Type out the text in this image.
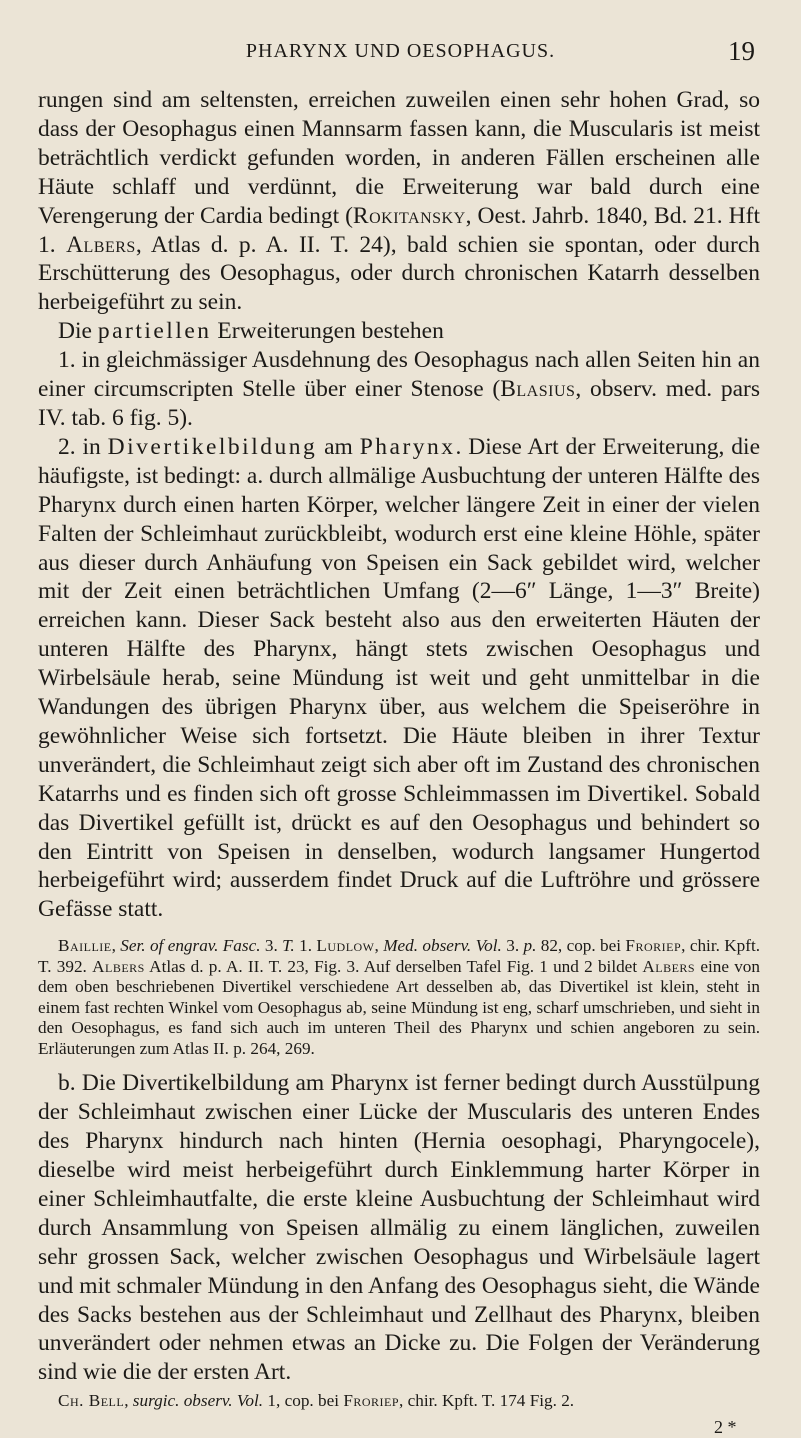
PHARYNX UND OESOPHAGUS.	19

rungen sind am seltensten, erreichen zuweilen einen sehr hohen Grad, so dass der Oesophagus einen Mannsarm fassen kann, die Muscularis ist meist beträchtlich verdickt gefunden worden, in anderen Fällen erscheinen alle Häute schlaff und verdünnt, die Erweiterung war bald durch eine Verengerung der Cardia bedingt (Rokitansky, Oest. Jahrb. 1840, Bd. 21. Hft 1. Albers, Atlas d. p. A. II. T. 24), bald schien sie spontan, oder durch Erschütterung des Oesophagus, oder durch chronischen Katarrh desselben herbeigeführt zu sein.

Die partiellen Erweiterungen bestehen

1. in gleichmässiger Ausdehnung des Oesophagus nach allen Seiten hin an einer circumscripten Stelle über einer Stenose (Blasius, observ. med. pars IV. tab. 6 fig. 5).

2. in Divertikelbildung am Pharynx. Diese Art der Erweiterung, die häufigste, ist bedingt: a. durch allmälige Ausbuchtung der unteren Hälfte des Pharynx durch einen harten Körper, welcher längere Zeit in einer der vielen Falten der Schleimhaut zurückbleibt, wodurch erst eine kleine Höhle, später aus dieser durch Anhäufung von Speisen ein Sack gebildet wird, welcher mit der Zeit einen beträchtlichen Umfang (2—6″ Länge, 1—3″ Breite) erreichen kann. Dieser Sack besteht also aus den erweiterten Häuten der unteren Hälfte des Pharynx, hängt stets zwischen Oesophagus und Wirbelsäule herab, seine Mündung ist weit und geht unmittelbar in die Wandungen des übrigen Pharynx über, aus welchem die Speiseröhre in gewöhnlicher Weise sich fortsetzt. Die Häute bleiben in ihrer Textur unverändert, die Schleimhaut zeigt sich aber oft im Zustand des chronischen Katarrhs und es finden sich oft grosse Schleimmassen im Divertikel. Sobald das Divertikel gefüllt ist, drückt es auf den Oesophagus und behindert so den Eintritt von Speisen in denselben, wodurch langsamer Hungertod herbeigeführt wird; ausserdem findet Druck auf die Luftröhre und grössere Gefässe statt.

Baillie, Ser. of engrav. Fasc. 3. T. 1. Ludlow, Med. observ. Vol. 3. p. 82, cop. bei Froriep, chir. Kpft. T. 392. Albers Atlas d. p. A. II. T. 23, Fig. 3. Auf derselben Tafel Fig. 1 und 2 bildet Albers eine von dem oben beschriebenen Divertikel verschiedene Art desselben ab, das Divertikel ist klein, steht in einem fast rechten Winkel vom Oesophagus ab, seine Mündung ist eng, scharf umschrieben, und sieht in den Oesophagus, es fand sich auch im unteren Theil des Pharynx und schien angeboren zu sein. Erläuterungen zum Atlas II. p. 264, 269.

b. Die Divertikelbildung am Pharynx ist ferner bedingt durch Ausstülpung der Schleimhaut zwischen einer Lücke der Muscularis des unteren Endes des Pharynx hindurch nach hinten (Hernia oesophagi, Pharyngocele), dieselbe wird meist herbeigeführt durch Einklemmung harter Körper in einer Schleimhautfalte, die erste kleine Ausbuchtung der Schleimhaut wird durch Ansammlung von Speisen allmälig zu einem länglichen, zuweilen sehr grossen Sack, welcher zwischen Oesophagus und Wirbelsäule lagert und mit schmaler Mündung in den Anfang des Oesophagus sieht, die Wände des Sacks bestehen aus der Schleimhaut und Zellhaut des Pharynx, bleiben unverändert oder nehmen etwas an Dicke zu. Die Folgen der Veränderung sind wie die der ersten Art.

Ch. Bell, surgic. observ. Vol. 1, cop. bei Froriep, chir. Kpft. T. 174 Fig. 2.

2 *
